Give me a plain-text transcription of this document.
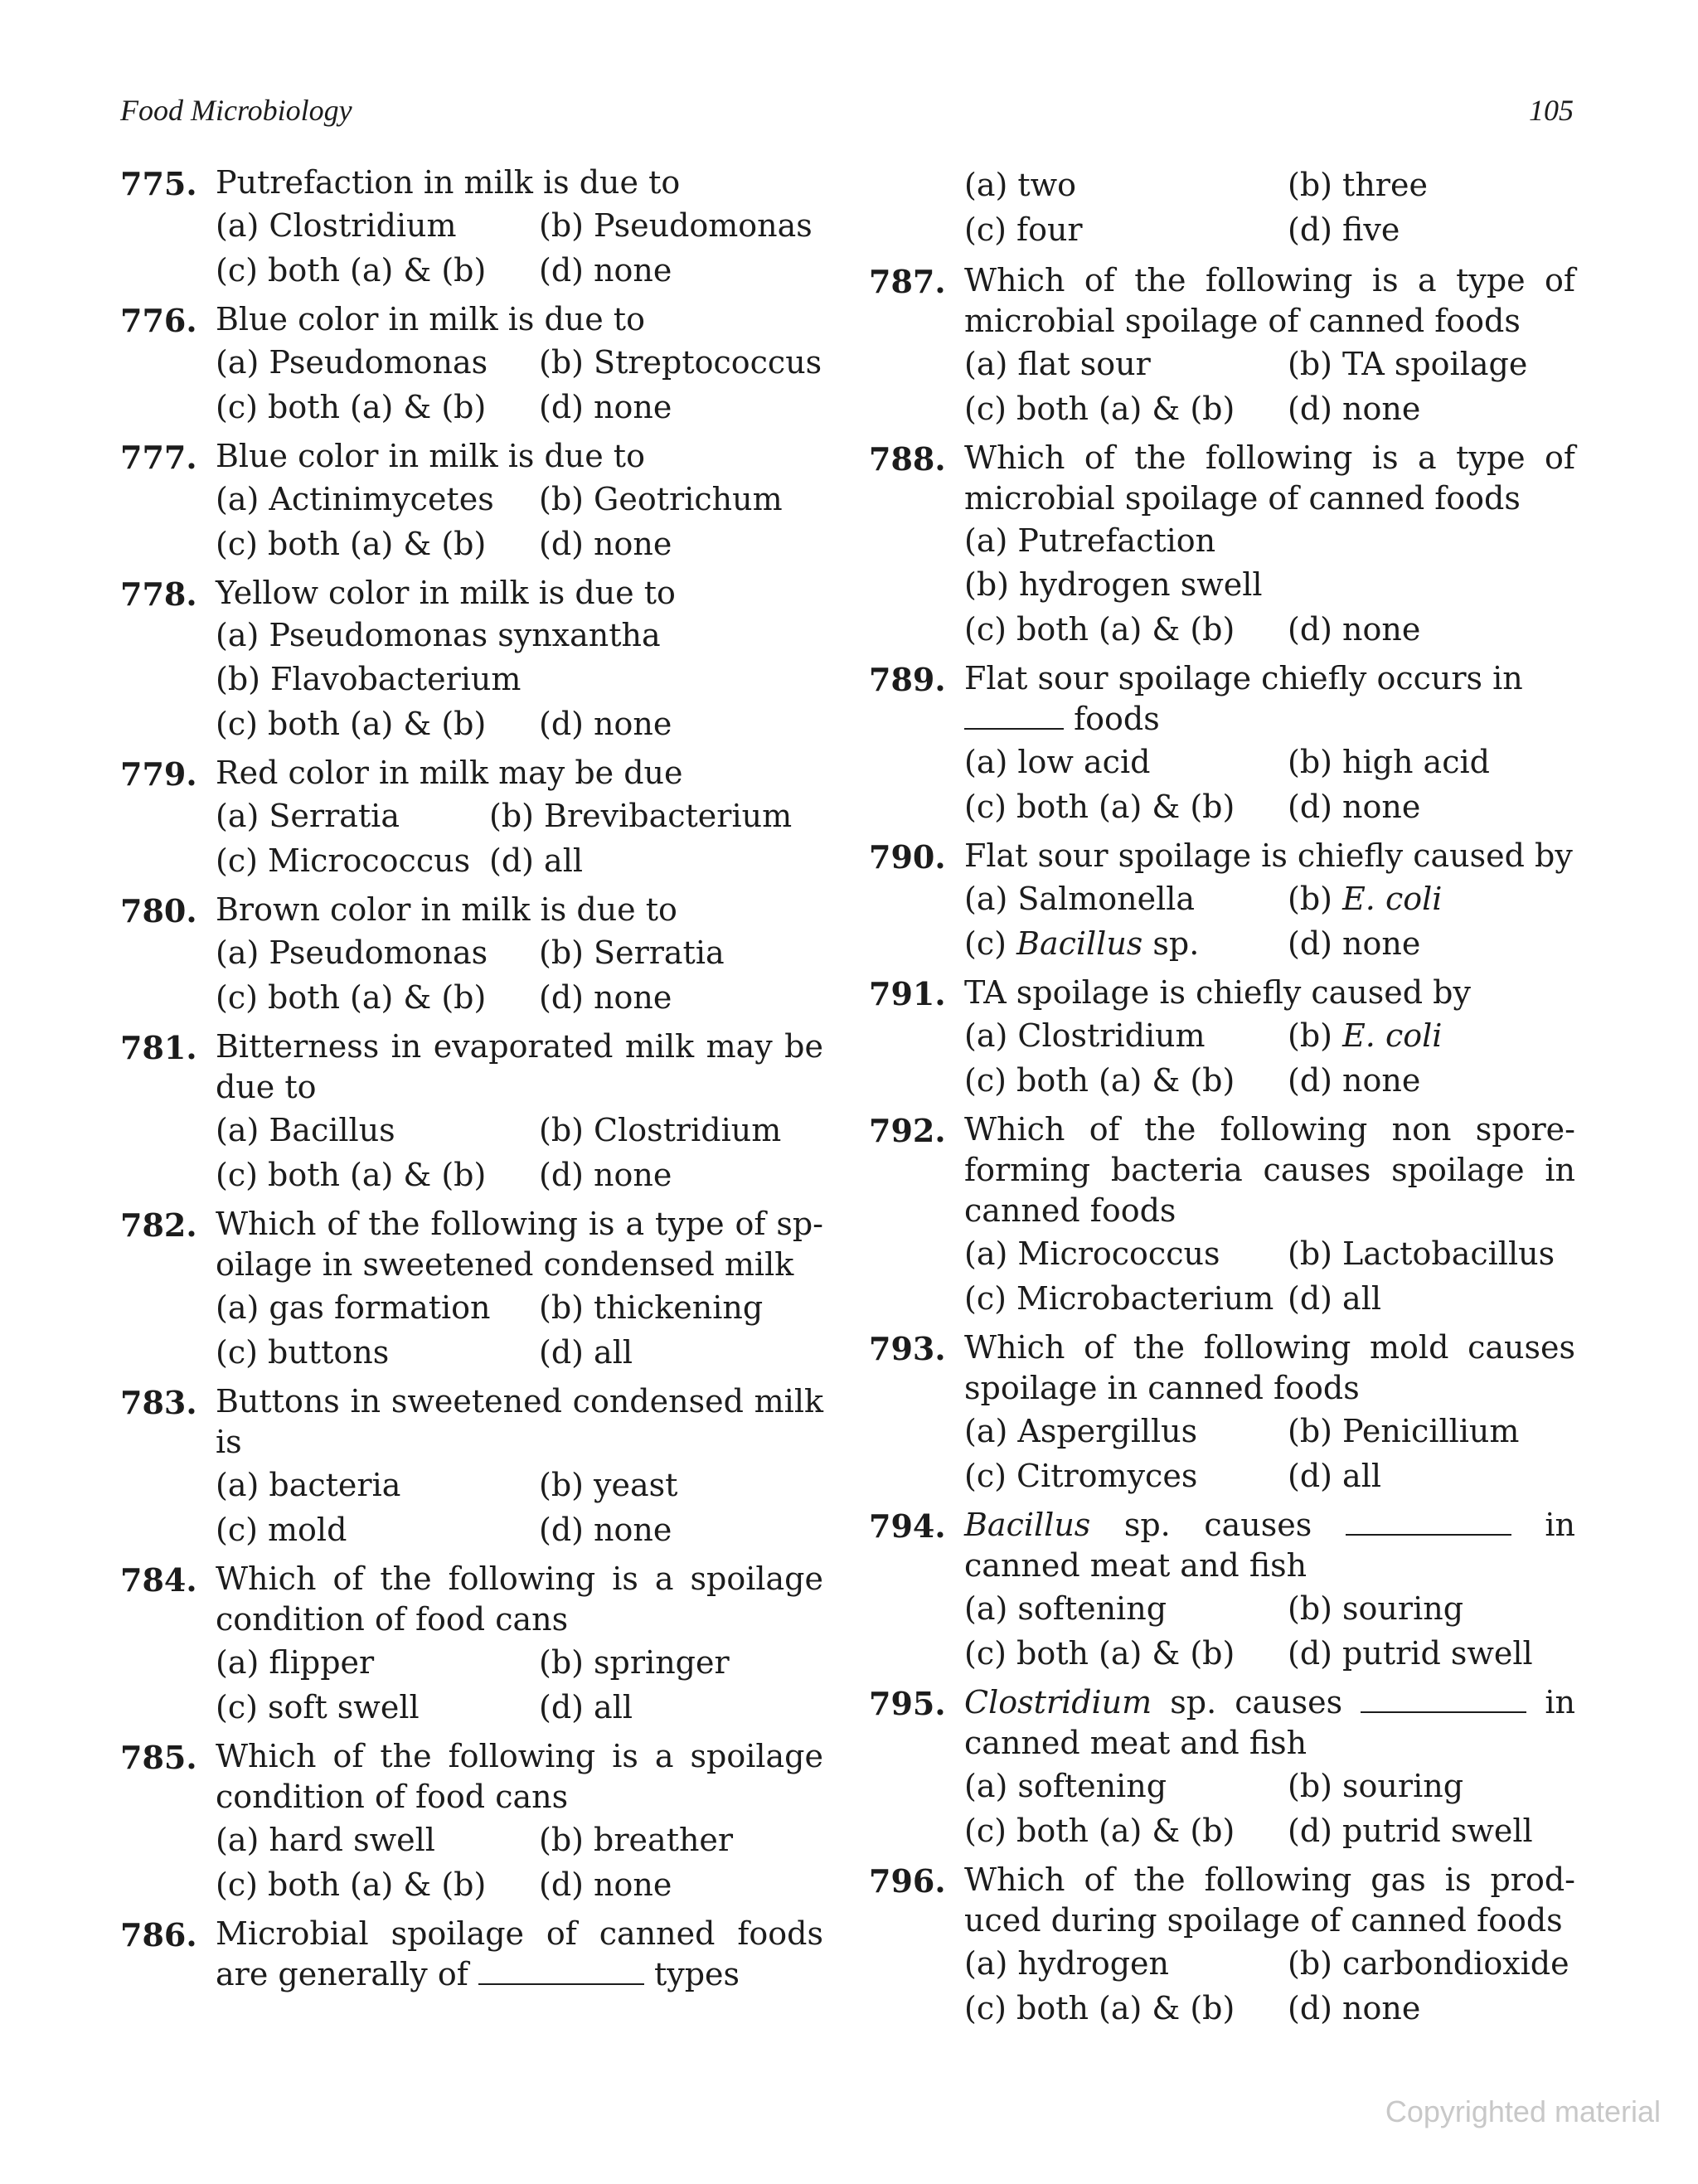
Food Microbiology	105
775. Putrefaction in milk is due to
(a) Clostridium	(b) Pseudomonas
(c) both (a) & (b)	(d) none
776. Blue color in milk is due to
(a) Pseudomonas	(b) Streptococcus
(c) both (a) & (b)	(d) none
777. Blue color in milk is due to
(a) Actinimycetes	(b) Geotrichum
(c) both (a) & (b)	(d) none
778. Yellow color in milk is due to
(a) Pseudomonas synxantha
(b) Flavobacterium
(c) both (a) & (b)	(d) none
779. Red color in milk may be due
(a) Serratia	(b) Brevibacterium
(c) Micrococcus (d) all
780. Brown color in milk is due to
(a) Pseudomonas	(b) Serratia
(c) both (a) & (b)	(d) none
781. Bitterness in evaporated milk may be due to
(a) Bacillus	(b) Clostridium
(c) both (a) & (b)	(d) none
782. Which of the following is a type of sp-oilage in sweetened condensed milk
(a) gas formation	(b) thickening
(c) buttons	(d) all
783. Buttons in sweetened condensed milk is
(a) bacteria	(b) yeast
(c) mold	(d) none
784. Which of the following is a spoilage condition of food cans
(a) flipper	(b) springer
(c) soft swell	(d) all
785. Which of the following is a spoilage condition of food cans
(a) hard swell	(b) breather
(c) both (a) & (b)	(d) none
786. Microbial spoilage of canned foods are generally of	types
(a) two	(b) three
(c) four	(d) five
787. Which of the following is a type of microbial spoilage of canned foods
(a) flat sour	(b) TA spoilage
(c) both (a) & (b)	(d) none
788. Which of the following is a type of microbial spoilage of canned foods
(a) Putrefaction
(b) hydrogen swell
(c) both (a) & (b)	(d) none
789. Flat sour spoilage chiefly occurs in
foods
(a) low acid	(b) high acid
(c) both (a) & (b)	(d) none
790. Flat sour spoilage is chiefly caused by
(a) Salmonella	(b) E. coli
(c) Bacillus sp.	(d) none
791. TA spoilage is chiefly caused by
(a) Clostridium	(b) E. coli
(c) both (a) & (b)	(d) none
792. Which of the following non spore-forming bacteria causes spoilage in canned foods
(a) Micrococcus	(b) Lactobacillus
(c) Microbacterium (d) all
793. Which of the following mold causes spoilage in canned foods
(a) Aspergillus	(b) Penicillium
(c) Citromyces	(d) all
794. Bacillus sp. causes	in canned meat and fish
(a) softening	(b) souring
(c) both (a) & (b)	(d) putrid swell
795. Clostridium sp. causes	in canned meat and fish
(a) softening	(b) souring
(c) both (a) & (b)	(d) putrid swell
796. Which of the following gas is prod-uced during spoilage of canned foods
(a) hydrogen	(b) carbondioxide
(c) both (a) & (b)	(d) none
Copyrighted material
